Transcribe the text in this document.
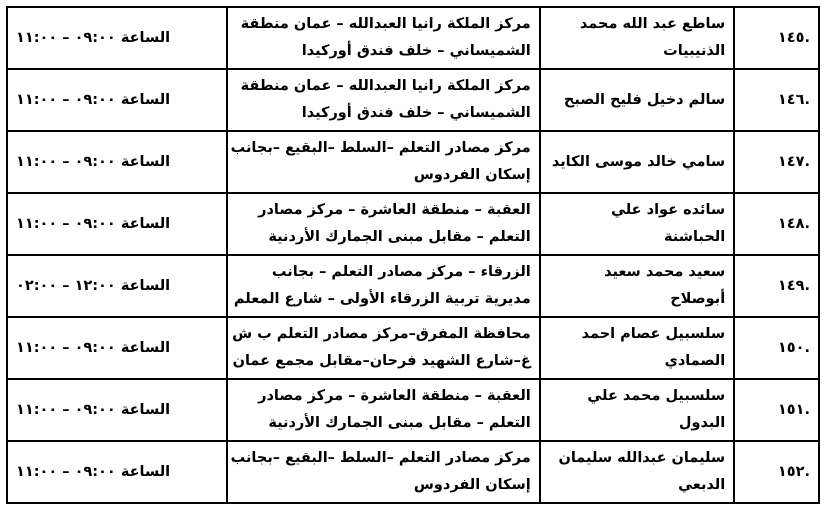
١٤٥.	ساطع عبد الله محمد الذنيبيات	مركز الملكة رانيا العبدالله – عمان منطقة
الشميساني – خلف فندق أوركيدا	الساعة ٠٩:٠٠ – ١١:٠٠
١٤٦.	سالم دخيل فليح الصبح	مركز الملكة رانيا العبدالله – عمان منطقة
الشميساني – خلف فندق أوركيدا	الساعة ٠٩:٠٠ – ١١:٠٠
١٤٧.	سامي خالد موسى الكايد	مركز مصادر التعلم –السلط –البقيع –بجانب
إسكان الفردوس	الساعة ٠٩:٠٠ – ١١:٠٠
١٤٨.	سائده عواد علي الحباشنة	العقبة – منطقة العاشرة – مركز مصادر
التعلم – مقابل مبنى الجمارك الأردنية	الساعة ٠٩:٠٠ – ١١:٠٠
١٤٩.	سعيد محمد سعيد أبوصلاح	الزرقاء – مركز مصادر التعلم – بجانب
مديرية تربية الزرقاء الأولى – شارع المعلم	الساعة ١٢:٠٠ – ٠٢:٠٠
١٥٠.	سلسبيل عصام احمد الصمادي	محافظة المفرق–مركز مصادر التعلم ب ش
غ–شارع الشهيد فرحان–مقابل مجمع عمان	الساعة ٠٩:٠٠ – ١١:٠٠
١٥١.	سلسبيل محمد علي البدول	العقبة – منطقة العاشرة – مركز مصادر
التعلم – مقابل مبنى الجمارك الأردنية	الساعة ٠٩:٠٠ – ١١:٠٠
١٥٢.	سليمان عبدالله سليمان الدبعي	مركز مصادر التعلم –السلط –البقيع –بجانب
إسكان الفردوس	الساعة ٠٩:٠٠ – ١١:٠٠
